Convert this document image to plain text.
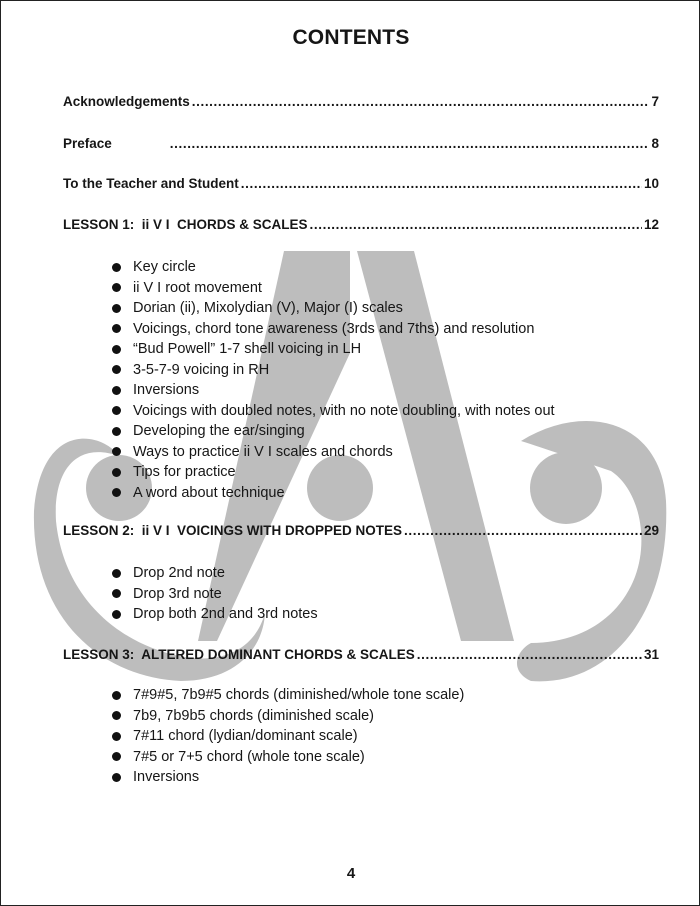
CONTENTS
Acknowledgements .....	7
Preface .....	8
To the Teacher and Student .....	10
LESSON 1:  ii V I  CHORDS & SCALES .....	12
Key circle
ii V I root movement
Dorian (ii), Mixolydian (V), Major (I) scales
Voicings, chord tone awareness (3rds and 7ths) and resolution
“Bud Powell” 1-7 shell voicing in LH
3-5-7-9 voicing in RH
Inversions
Voicings with doubled notes, with no note doubling, with notes out
Developing the ear/singing
Ways to practice ii V I scales and chords
Tips for practice
A word about technique
LESSON 2:  ii V I  VOICINGS WITH DROPPED NOTES .....	29
Drop 2nd note
Drop 3rd note
Drop both 2nd and 3rd notes
LESSON 3:  ALTERED DOMINANT CHORDS & SCALES .....	31
7#9#5, 7b9#5 chords (diminished/whole tone scale)
7b9, 7b9b5 chords (diminished scale)
7#11 chord (lydian/dominant scale)
7#5 or 7+5 chord (whole tone scale)
Inversions
4
